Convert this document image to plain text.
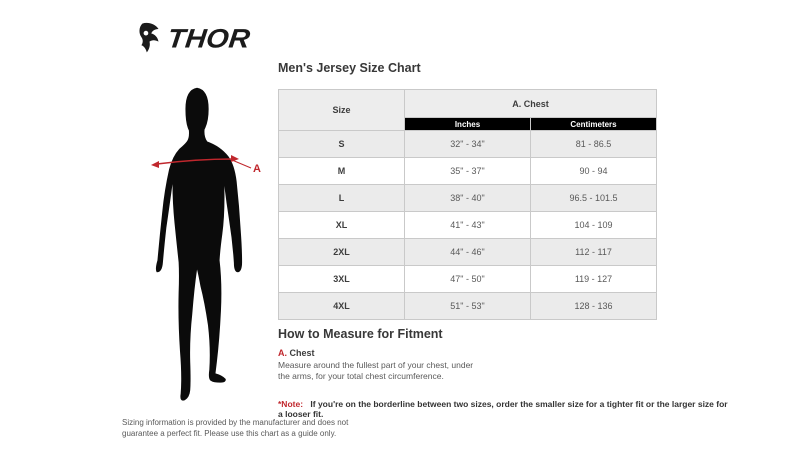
THOR
A
Men's Jersey Size Chart
Size	A. Chest	
	Inches	Centimeters
S	32" - 34"	81 - 86.5
M	35" - 37"	90 - 94
L	38" - 40"	96.5 - 101.5
XL	41" - 43"	104 - 109
2XL	44" - 46"	112 - 117
3XL	47" - 50"	119 - 127
4XL	51" - 53"	128 - 136
How to Measure for Fitment
A. Chest

Measure around the fullest part of your chest, under the arms, for your total chest circumference.

*Note: If you're on the borderline between two sizes, order the smaller size for a tighter fit or the larger size for a looser fit.

Sizing information is provided by the manufacturer and does not guarantee a perfect fit. Please use this chart as a guide only.
